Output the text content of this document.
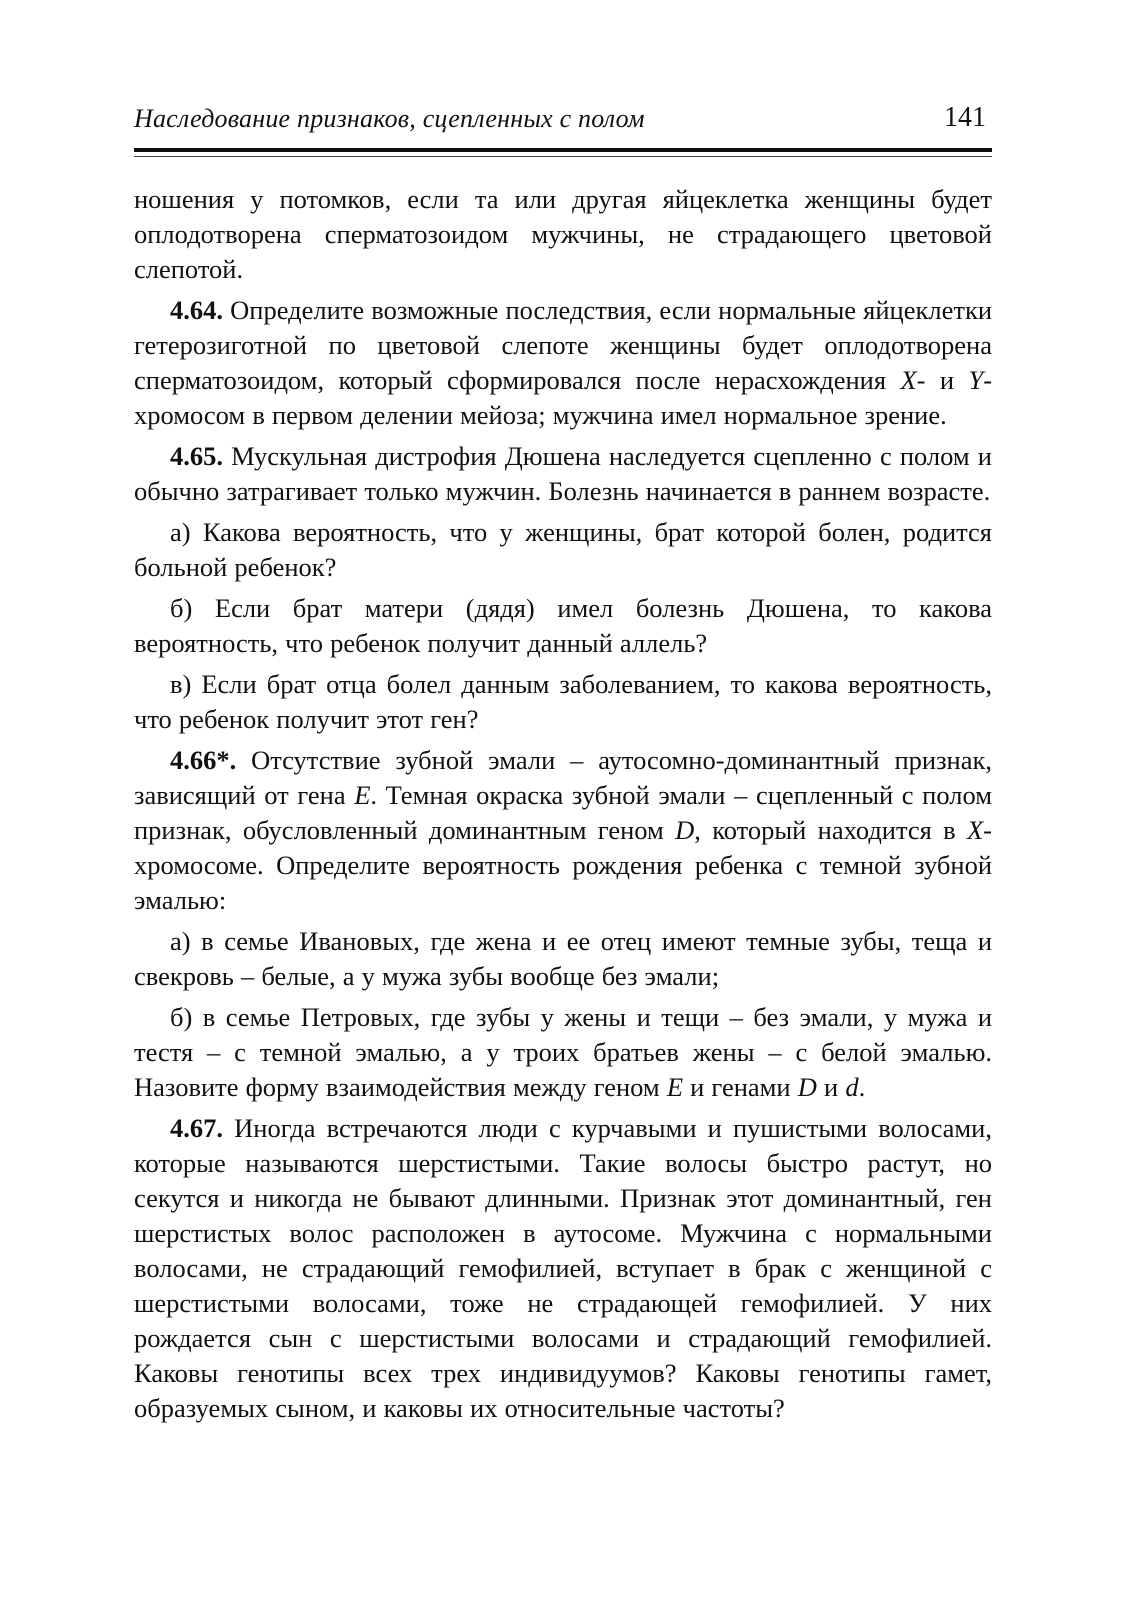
Наследование признаков, сцепленных с полом	141

ношения у потомков, если та или другая яйцеклетка женщины будет оплодотворена сперматозоидом мужчины, не страдающего цветовой слепотой.

4.64. Определите возможные последствия, если нормальные яйцеклетки гетерозиготной по цветовой слепоте женщины будет оплодотворена сперматозоидом, который сформировался после нерасхождения X- и Y-хромосом в первом делении мейоза; мужчина имел нормальное зрение.

4.65. Мускульная дистрофия Дюшена наследуется сцепленно с полом и обычно затрагивает только мужчин. Болезнь начинается в раннем возрасте.

а) Какова вероятность, что у женщины, брат которой болен, родится больной ребенок?

б) Если брат матери (дядя) имел болезнь Дюшена, то какова вероятность, что ребенок получит данный аллель?

в) Если брат отца болел данным заболеванием, то какова вероятность, что ребенок получит этот ген?

4.66*. Отсутствие зубной эмали – аутосомно-доминантный признак, зависящий от гена E. Темная окраска зубной эмали – сцепленный с полом признак, обусловленный доминантным геном D, который находится в X-хромосоме. Определите вероятность рождения ребенка с темной зубной эмалью:

а) в семье Ивановых, где жена и ее отец имеют темные зубы, теща и свекровь – белые, а у мужа зубы вообще без эмали;

б) в семье Петровых, где зубы у жены и тещи – без эмали, у мужа и тестя – с темной эмалью, а у троих братьев жены – с белой эмалью. Назовите форму взаимодействия между геном E и генами D и d.

4.67. Иногда встречаются люди с курчавыми и пушистыми волосами, которые называются шерстистыми. Такие волосы быстро растут, но секутся и никогда не бывают длинными. Признак этот доминантный, ген шерстистых волос расположен в аутосоме. Мужчина с нормальными волосами, не страдающий гемофилией, вступает в брак с женщиной с шерстистыми волосами, тоже не страдающей гемофилией. У них рождается сын с шерстистыми волосами и страдающий гемофилией. Каковы генотипы всех трех индивидуумов? Каковы генотипы гамет, образуемых сыном, и каковы их относительные частоты?
